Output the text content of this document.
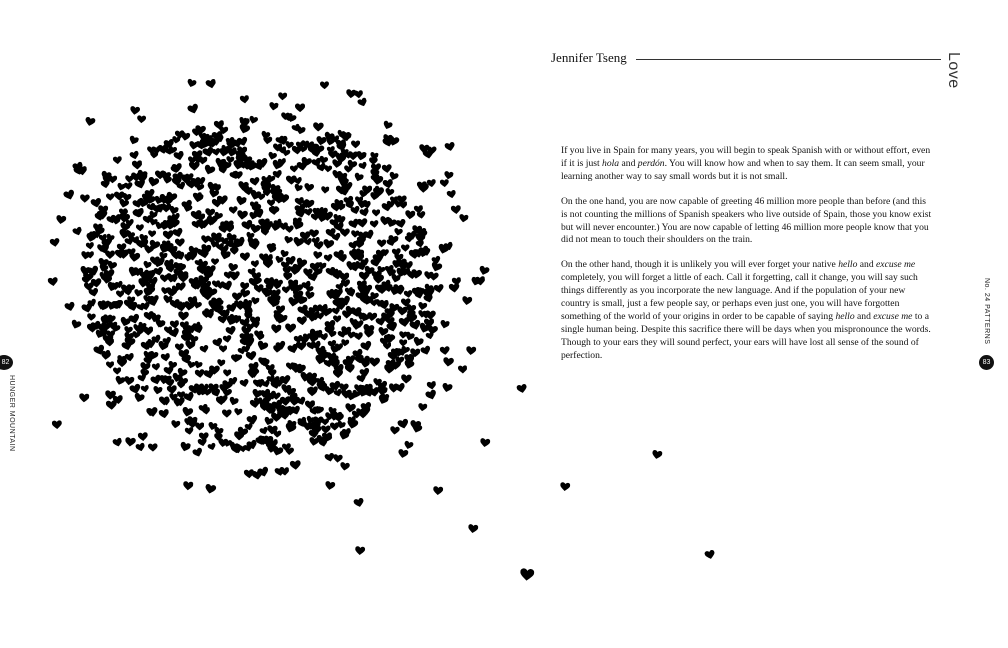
Jennifer Tseng	Love

If you live in Spain for many years, you will begin to speak Spanish with or without effort, even if it is just hola and perdón. You will know how and when to say them. It can seem small, your learning another way to say small words but it is not small.

On the one hand, you are now capable of greeting 46 million more people than before (and this is not counting the millions of Spanish speakers who live outside of Spain, those you know exist but will never encounter.) You are now capable of letting 46 million more people know that you did not mean to touch their shoulders on the train.

On the other hand, though it is unlikely you will ever forget your native hello and excuse me completely, you will forget a little of each. Call it forgetting, call it change, you will say such things differently as you incorporate the new language. And if the population of your new country is small, just a few people say, or perhaps even just one, you will have forgotten something of the world of your origins in order to be capable of saying hello and excuse me to a single human being. Despite this sacrifice there will be days when you mispronounce the words. Though to your ears they will sound perfect, your ears will have lost all sense of the sound of perfection.

82
HUNGER MOUNTAIN
83
No. 24 PATTERNS
